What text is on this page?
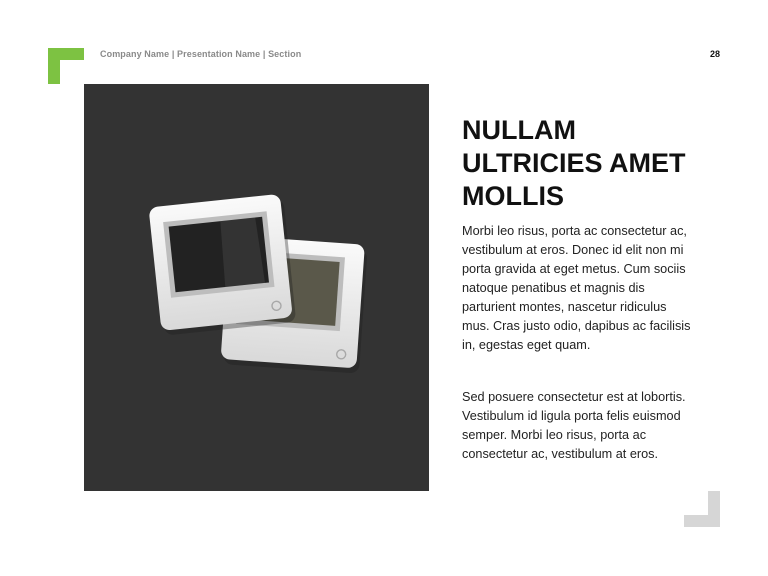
Company Name | Presentation Name | Section	28
NULLAM ULTRICIES AMET MOLLIS

Morbi leo risus, porta ac consectetur ac, vestibulum at eros. Donec id elit non mi porta gravida at eget metus. Cum sociis natoque penatibus et magnis dis parturient montes, nascetur ridiculus mus. Cras justo odio, dapibus ac facilisis in, egestas eget quam.

Sed posuere consectetur est at lobortis. Vestibulum id ligula porta felis euismod semper. Morbi leo risus, porta ac consectetur ac, vestibulum at eros.
